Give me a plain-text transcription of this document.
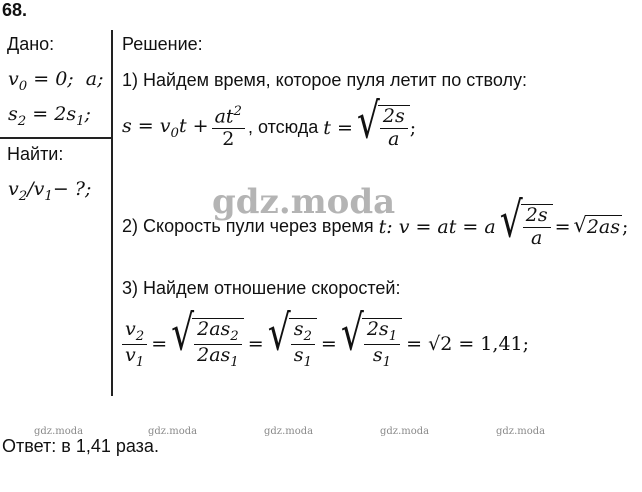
68.
Дано:
$v_0 = 0$;  a;
$s_2 = 2s_1$;
Найти:
$v_2/v_1-$ ?;
Решение:
1) Найдем время, которое пуля летит по стволу:
$s = v_0t + \frac{at^2}{2}$ , отсюда t = √ $\frac{2s}{a}$ ;
gdz.moda
2) Скорость пули через время t: v = at = a √ $\frac{2s}{a}$ = √ 2as ;
3) Найдем отношение скоростей:
$\frac{v_2}{v_1}$ = √ $\frac{2as_2}{2as_1}$ = √ $\frac{s_2}{s_1}$ = √ $\frac{2s_1}{s_1} = √2 = 1,41$;
gdz.moda	gdz.moda	gdz.moda	gdz.moda	gdz.moda
Ответ: в 1,41 раза.
